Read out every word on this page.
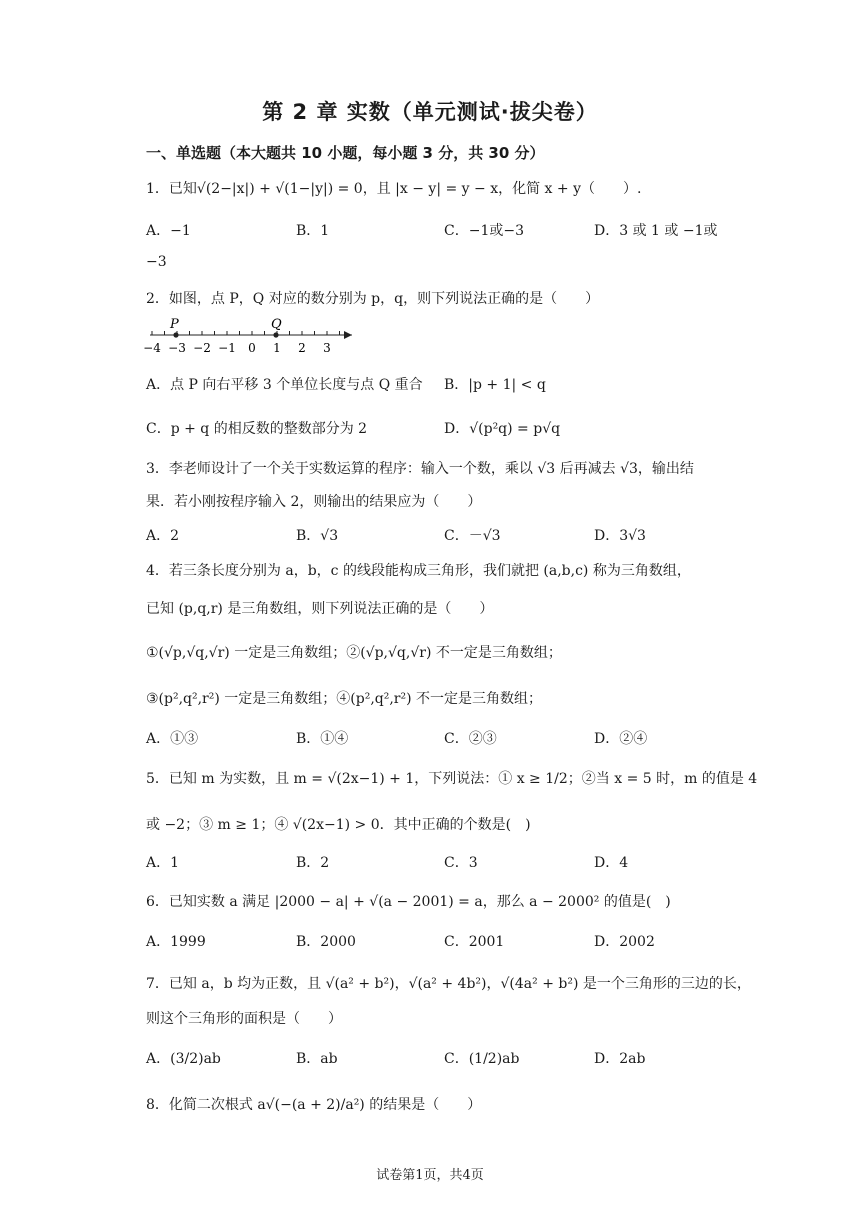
第 2 章 实数（单元测试·拔尖卷）
一、单选题（本大题共 10 小题，每小题 3 分，共 30 分）
1．已知√(2−|x|) + √(1−|y|) = 0，且 |x − y| = y − x，化简 x + y（　　）.
A．−1	B．1	C．−1或−3	D．3 或 1 或 −1或
−3
2．如图，点 P，Q 对应的数分别为 p，q，则下列说法正确的是（　　）
−4 −3 −2 −1 0 1 2 3
P	Q
A．点 P 向右平移 3 个单位长度与点 Q 重合 B．|p + 1| < q
C．p + q 的相反数的整数部分为 2	D．√(p²q) = p√q
3．李老师设计了一个关于实数运算的程序：输入一个数，乘以 √3 后再减去 √3，输出结
果．若小刚按程序输入 2，则输出的结果应为（　　）
A．2	B．√3	C．－√3	D．3√3
4．若三条长度分别为 a，b，c 的线段能构成三角形，我们就把 (a,b,c) 称为三角数组，
已知 (p,q,r) 是三角数组，则下列说法正确的是（　　）
①(√p,√q,√r) 一定是三角数组；②(√p,√q,√r) 不一定是三角数组；
③(p²,q²,r²) 一定是三角数组；④(p²,q²,r²) 不一定是三角数组；
A．①③	B．①④	C．②③	D．②④
5．已知 m 为实数，且 m = √(2x−1) + 1，下列说法：① x ≥ 1/2；②当 x = 5 时，m 的值是 4
或 −2；③ m ≥ 1；④ √(2x−1) > 0．其中正确的个数是(　)
A．1	B．2	C．3	D．4
6．已知实数 a 满足 |2000 − a| + √(a − 2001) = a，那么 a − 2000² 的值是(　)
A．1999	B．2000	C．2001	D．2002
7．已知 a，b 均为正数，且 √(a² + b²)，√(a² + 4b²)，√(4a² + b²) 是一个三角形的三边的长，
则这个三角形的面积是（　　）
A．(3/2)ab	B．ab	C．(1/2)ab	D．2ab
8．化简二次根式 a√(−(a + 2)/a²) 的结果是（　　）
试卷第1页，共4页
